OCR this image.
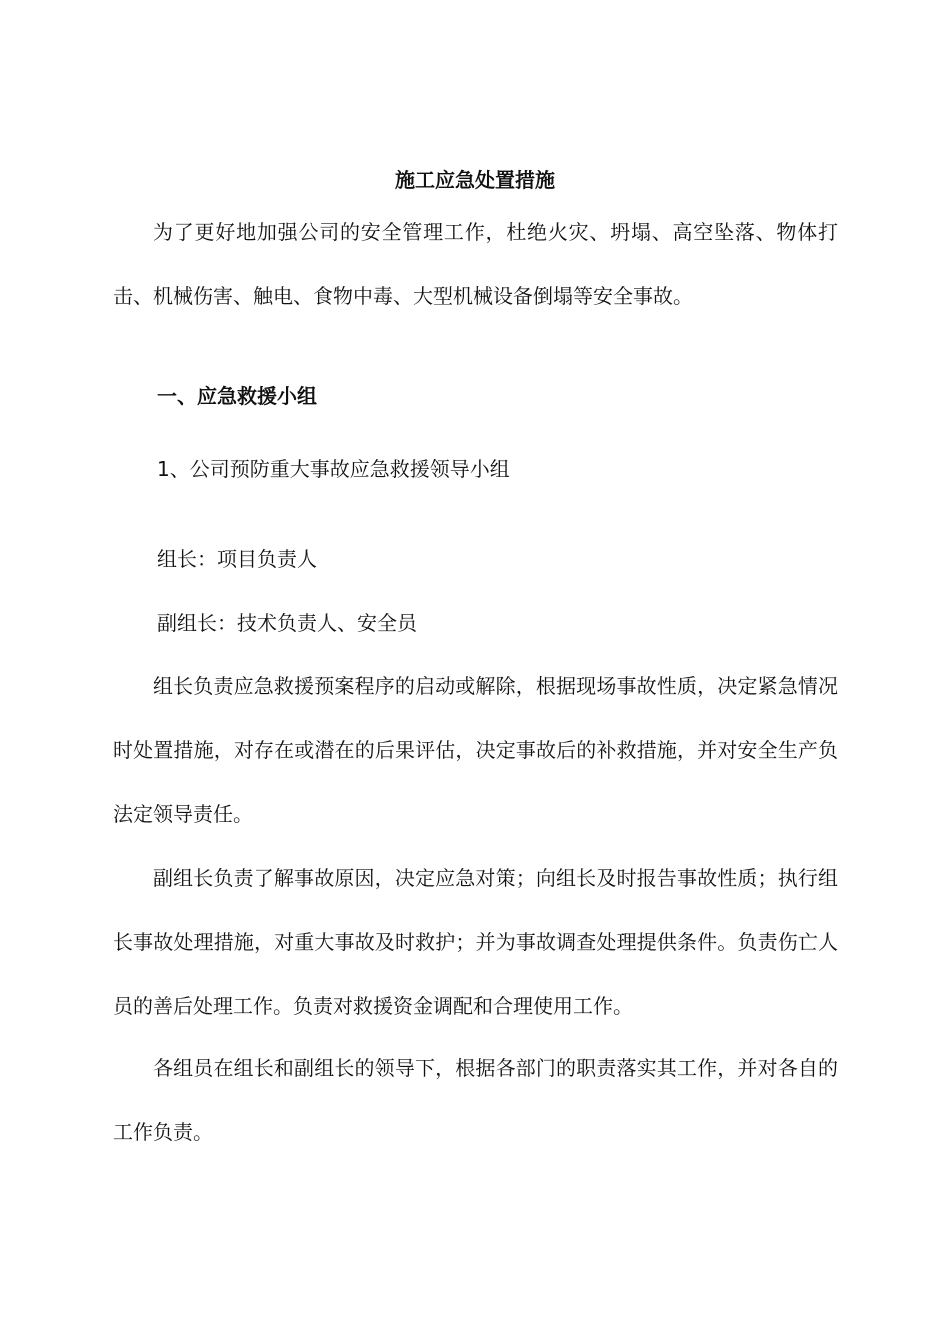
施工应急处置措施

为了更好地加强公司的安全管理工作，杜绝火灾、坍塌、高空坠落、物体打击、机械伤害、触电、食物中毒、大型机械设备倒塌等安全事故。

一、应急救援小组
1、公司预防重大事故应急救援领导小组
组长：项目负责人
副组长：技术负责人、安全员

组长负责应急救援预案程序的启动或解除，根据现场事故性质，决定紧急情况时处置措施，对存在或潜在的后果评估，决定事故后的补救措施，并对安全生产负法定领导责任。

副组长负责了解事故原因，决定应急对策；向组长及时报告事故性质；执行组长事故处理措施，对重大事故及时救护；并为事故调查处理提供条件。负责伤亡人员的善后处理工作。负责对救援资金调配和合理使用工作。

各组员在组长和副组长的领导下，根据各部门的职责落实其工作，并对各自的工作负责。
